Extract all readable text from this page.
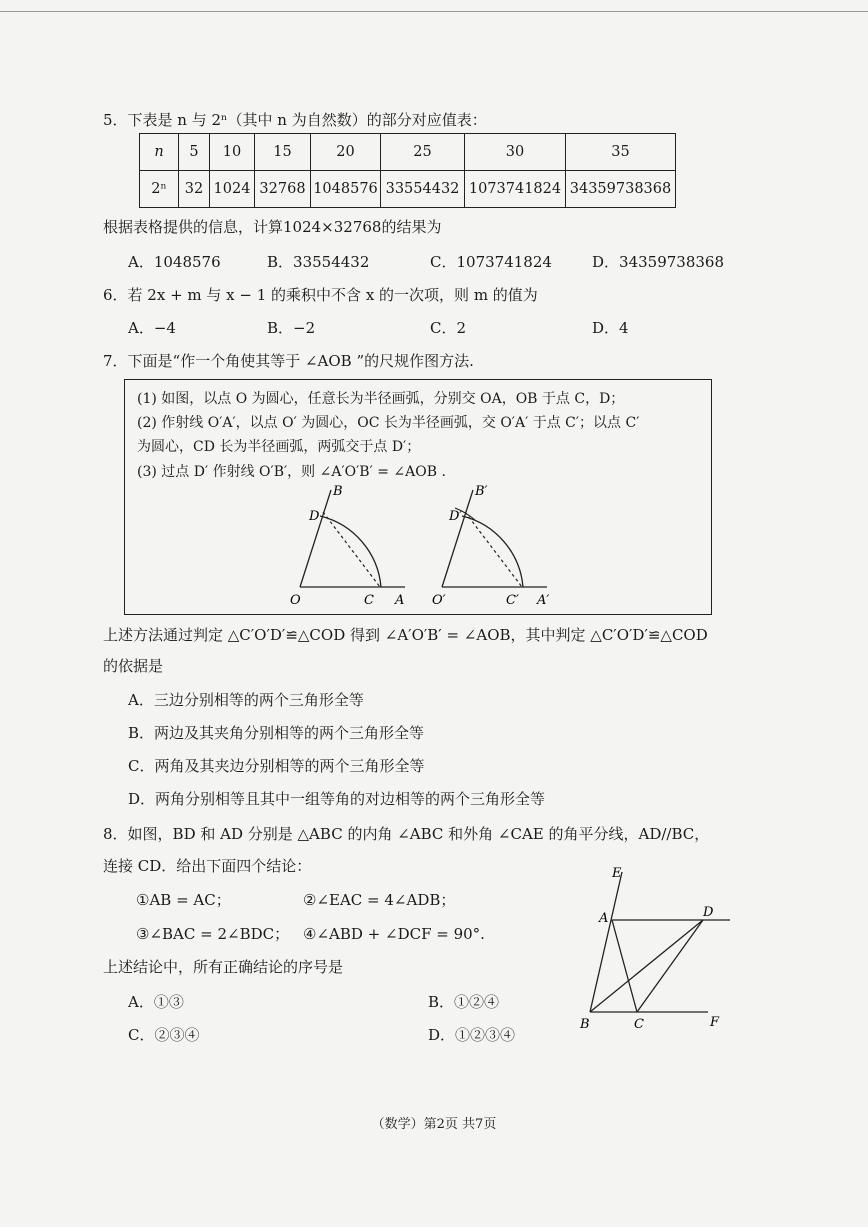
5．下表是 n 与 2ⁿ（其中 n 为自然数）的部分对应值表：
n	5	10	15	20	25	30	35
2ⁿ	32	1024	32768	1048576	33554432	1073741824	34359738368
根据表格提供的信息，计算1024×32768的结果为
A．1048576	B．33554432	C．1073741824	D．34359738368
6．若 2x + m 与 x − 1 的乘积中不含 x 的一次项，则 m 的值为
A．−4	B．−2	C．2	D．4
7．下面是“作一个角使其等于 ∠AOB ”的尺规作图方法.
(1) 如图，以点 O 为圆心，任意长为半径画弧，分别交 OA，OB 于点 C，D；
(2) 作射线 O′A′，以点 O′ 为圆心，OC 长为半径画弧，交 O′A′ 于点 C′；以点 C′
为圆心，CD 长为半径画弧，两弧交于点 D′；
(3) 过点 D′ 作射线 O′B′，则 ∠A′O′B′ = ∠AOB .
B
D
O	C A
B′
D′
O′	C′ A′
上述方法通过判定 △C′O′D′≌△COD 得到 ∠A′O′B′ = ∠AOB，其中判定 △C′O′D′≌△COD
的依据是
A．三边分别相等的两个三角形全等
B．两边及其夹角分别相等的两个三角形全等
C．两角及其夹边分别相等的两个三角形全等
D．两角分别相等且其中一组等角的对边相等的两个三角形全等
8．如图，BD 和 AD 分别是 △ABC 的内角 ∠ABC 和外角 ∠CAE 的角平分线，AD//BC，
连接 CD．给出下面四个结论：
①AB = AC；	②∠EAC = 4∠ADB；
③∠BAC = 2∠BDC； ④∠ABD + ∠DCF = 90°.
上述结论中，所有正确结论的序号是
A．①③	B．①②④
C．②③④	D．①②③④
E
A	D
B	C	F
（数学）第2页 共7页
